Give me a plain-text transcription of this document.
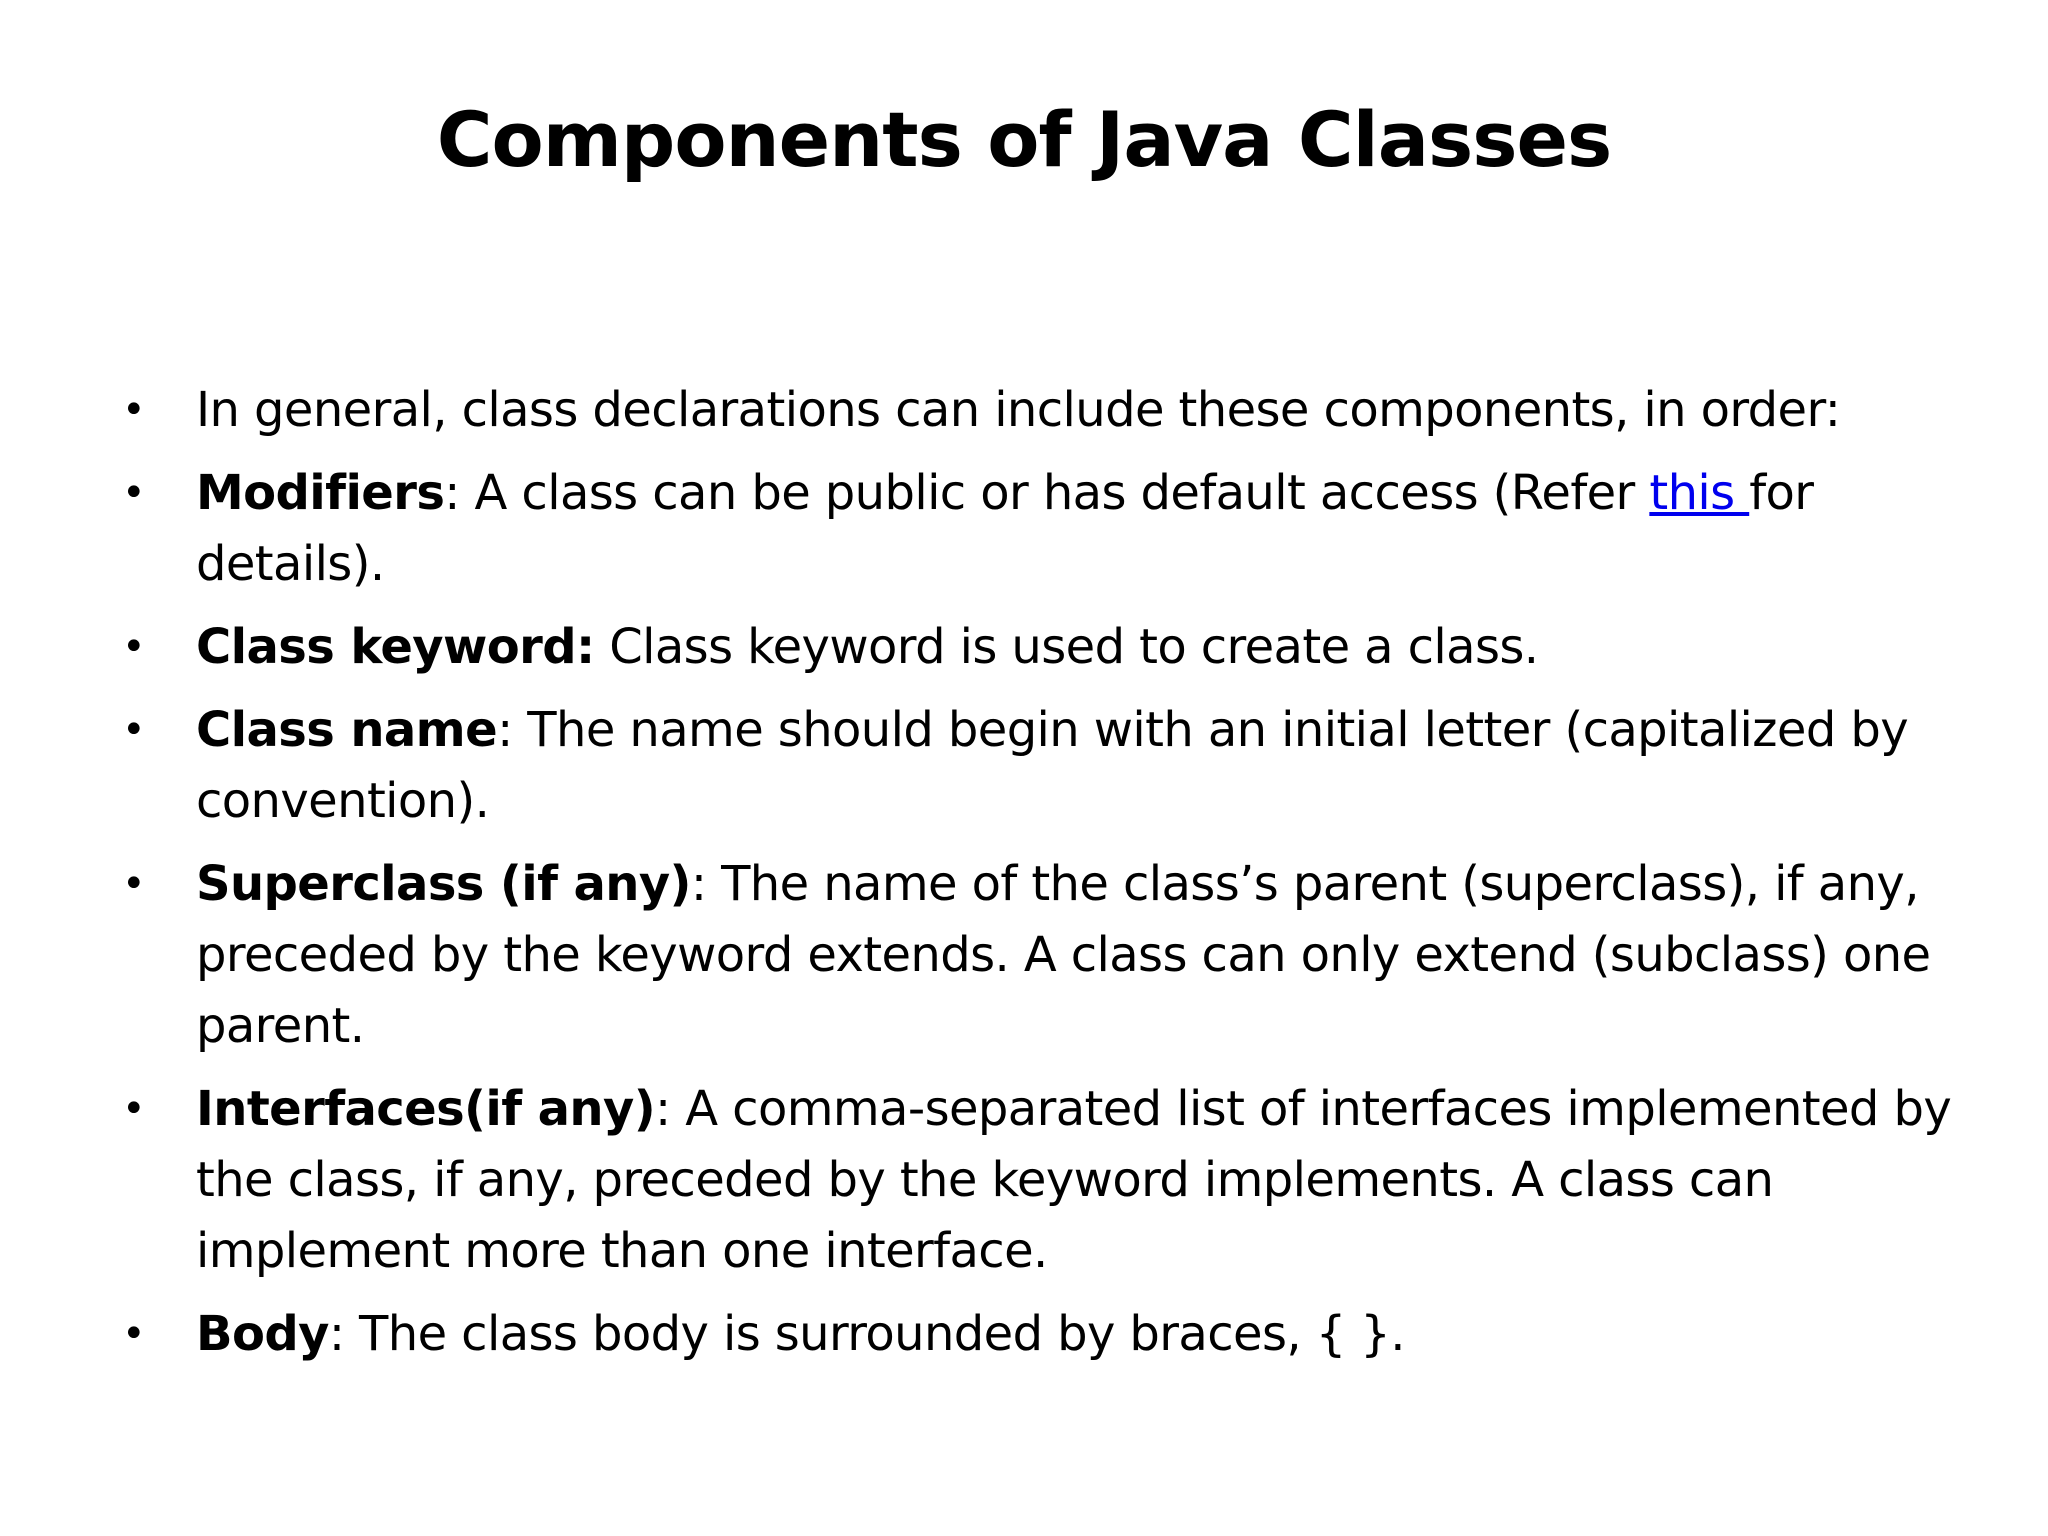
Components of Java Classes
• In general, class declarations can include these components, in order:
• Modifiers: A class can be public or has default access (Refer this for details).
• Class keyword: Class keyword is used to create a class.
• Class name: The name should begin with an initial letter (capitalized by convention).
• Superclass (if any): The name of the class’s parent (superclass), if any, preceded by the keyword extends. A class can only extend (subclass) one parent.
• Interfaces(if any): A comma-separated list of interfaces implemented by the class, if any, preceded by the keyword implements. A class can implement more than one interface.
• Body: The class body is surrounded by braces, { }.
